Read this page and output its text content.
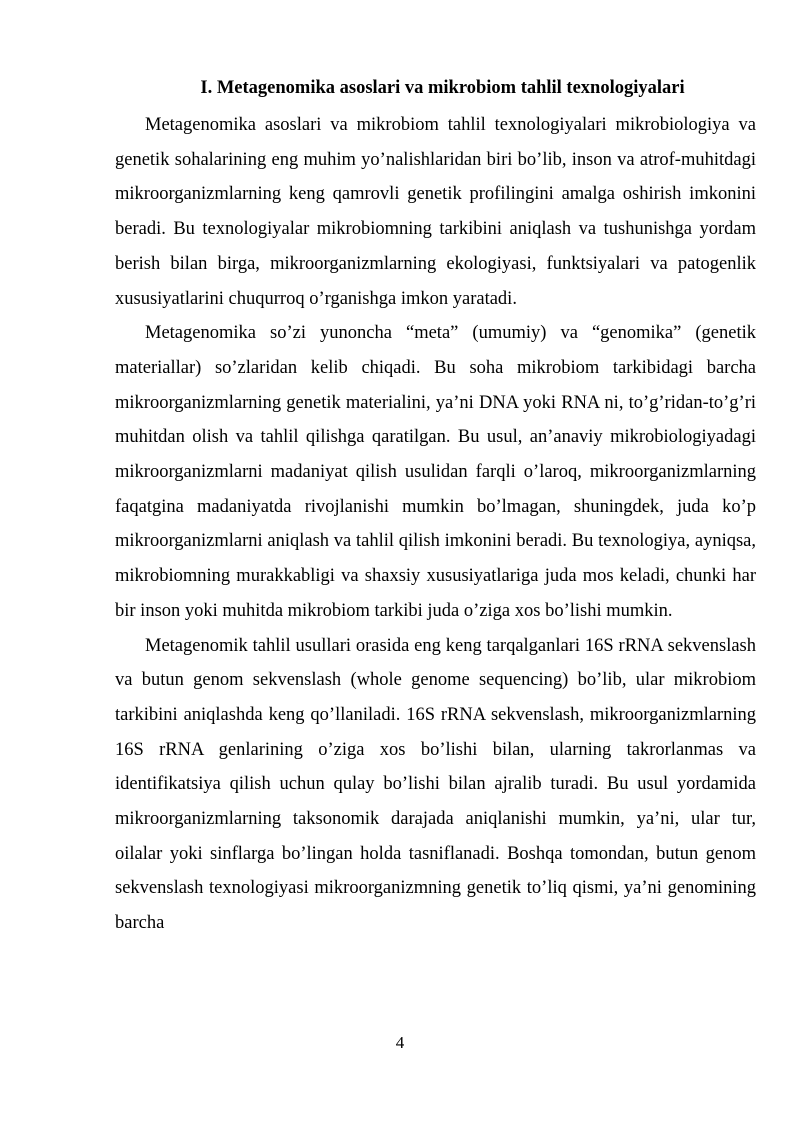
I. Metagenomika asoslari va mikrobiom tahlil texnologiyalari

Metagenomika asoslari va mikrobiom tahlil texnologiyalari mikrobiologiya va genetik sohalarining eng muhim yo’nalishlaridan biri bo’lib, inson va atrof-muhitdagi mikroorganizmlarning keng qamrovli genetik profilingini amalga oshirish imkonini beradi. Bu texnologiyalar mikrobiomning tarkibini aniqlash va tushunishga yordam berish bilan birga, mikroorganizmlarning ekologiyasi, funktsiyalari va patogenlik xususiyatlarini chuqurroq o’rganishga imkon yaratadi.

Metagenomika so’zi yunoncha “meta” (umumiy) va “genomika” (genetik materiallar) so’zlaridan kelib chiqadi. Bu soha mikrobiom tarkibidagi barcha mikroorganizmlarning genetik materialini, ya’ni DNA yoki RNA ni, to’g’ridan-to’g’ri muhitdan olish va tahlil qilishga qaratilgan. Bu usul, an’anaviy mikrobiologiyadagi mikroorganizmlarni madaniyat qilish usulidan farqli o’laroq, mikroorganizmlarning faqatgina madaniyatda rivojlanishi mumkin bo’lmagan, shuningdek, juda ko’p mikroorganizmlarni aniqlash va tahlil qilish imkonini beradi. Bu texnologiya, ayniqsa, mikrobiomning murakkabligi va shaxsiy xususiyatlariga juda mos keladi, chunki har bir inson yoki muhitda mikrobiom tarkibi juda o’ziga xos bo’lishi mumkin.

Metagenomik tahlil usullari orasida eng keng tarqalganlari 16S rRNA sekvenslash va butun genom sekvenslash (whole genome sequencing) bo’lib, ular mikrobiom tarkibini aniqlashda keng qo’llaniladi. 16S rRNA sekvenslash, mikroorganizmlarning 16S rRNA genlarining o’ziga xos bo’lishi bilan, ularning takrorlanmas va identifikatsiya qilish uchun qulay bo’lishi bilan ajralib turadi. Bu usul yordamida mikroorganizmlarning taksonomik darajada aniqlanishi mumkin, ya’ni, ular tur, oilalar yoki sinflarga bo’lingan holda tasniflanadi. Boshqa tomondan, butun genom sekvenslash texnologiyasi mikroorganizmning genetik to’liq qismi, ya’ni genomining barcha

4
